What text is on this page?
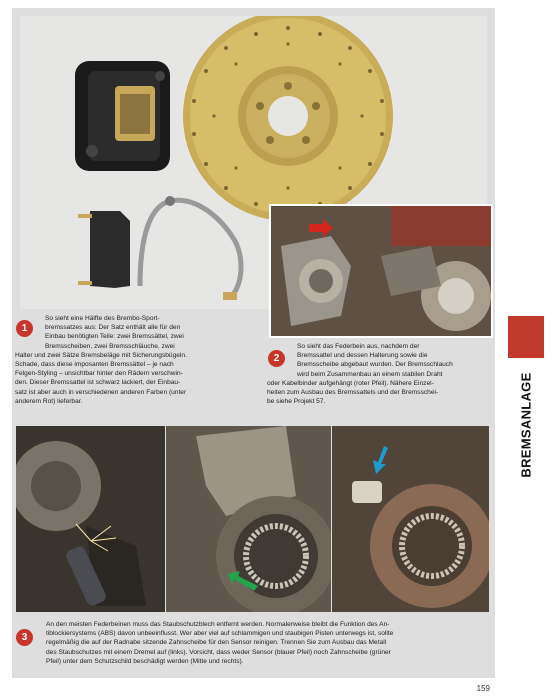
1
So sieht eine Hälfte des Brembo-Sport-
bremssatzes aus: Der Satz enthält alle für den
Einbau benötigten Teile: zwei Bremssättel, zwei
Bremsscheiben, zwei Bremsschläuche, zwei
Halter und zwei Sätze Bremsbeläge mit Sicherungsbügeln.
Schade, dass diese imposanten Bremssättel – je nach
Felgen-Styling – unsichtbar hinter den Rädern verschwin-
den. Dieser Bremssattel ist schwarz lackiert, der Einbau-
satz ist aber auch in verschiedenen anderen Farben (unter
anderem Rot) lieferbar.
2
So sieht das Federbein aus, nachdem der
Bremssattel und dessen Halterung sowie die
Bremsscheibe abgebaut wurden. Der Bremsschlauch
wird beim Zusammenbau an einem stabilen Draht
oder Kabelbinder aufgehängt (roter Pfeil). Nähere Einzel-
heiten zum Ausbau des Bremssattels und der Bremsschei-
be siehe Projekt 57.
3
An den meisten Federbeinen muss das Staubschutzblech entfernt werden. Normalerweise bleibt die Funktion des An-
tiblockiersystems (ABS) davon unbeeinflusst. Wer aber viel auf schlammigen und staubigen Pisten unterwegs ist, sollte
regelmäßig die auf der Radnabe sitzende Zahnscheibe für den Sensor reinigen. Trennen Sie zum Ausbau das Metall
des Staubschutzes mit einem Dremel auf (links). Vorsicht, dass weder Sensor (blauer Pfeil) noch Zahnscheibe (grüner
Pfeil) unter dem Schutzschild beschädigt werden (Mitte und rechts).
BREMSANLAGE
159
